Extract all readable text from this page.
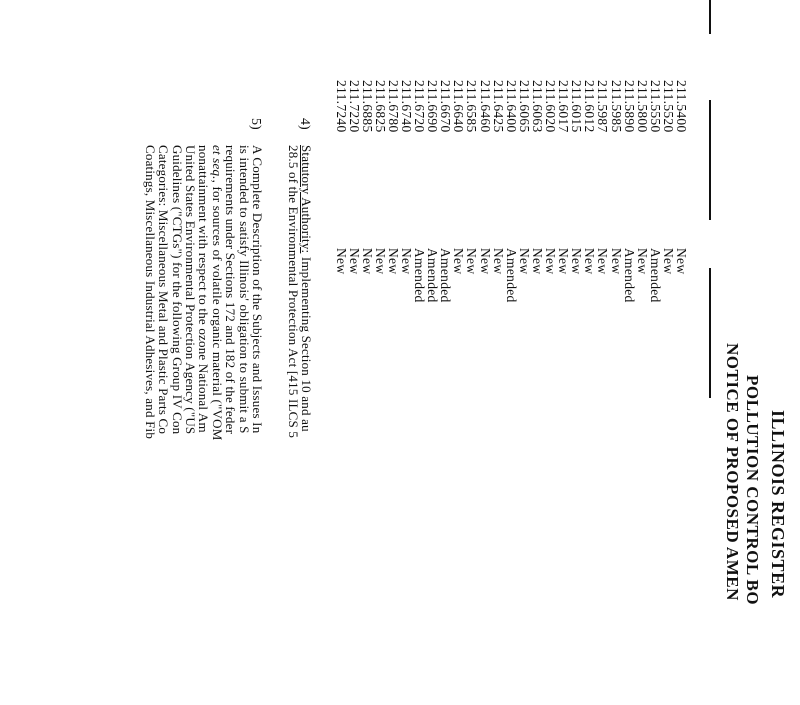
ILLINOIS REGISTER
POLLUTION CONTROL BO
NOTICE OF PROPOSED AMEN
211.5400
211.5520
211.5550
211.5800
211.5890
211.5985
211.5987
211.6012
211.6015
211.6017
211.6020
211.6063
211.6065
211.6400
211.6425
211.6460
211.6585
211.6640
211.6670
211.6690
211.6720
211.6740
211.6780
211.6825
211.6885
211.7220
211.7240
New
New
Amended
New
Amended
New
New
New
New
New
New
New
New
Amended
New
New
New
New
Amended
Amended
Amended
New
New
New
New
New
New
4)
Statutory Authority: Implementing Section 10 and au
28.5 of the Environmental Protection Act [415 ILCS 5
5)
A Complete Description of the Subjects and Issues In
is intended to satisfy Illinois' obligation to submit a S
requirements under Sections 172 and 182 of the feder
et seq., for sources of volatile organic material ("VOM
nonattainment with respect to the ozone National Am
United States Environmental Protection Agency ("US
Guidelines ("CTGs") for the following Group IV Con
Categories: Miscellaneous Metal and Plastic Parts Co
Coatings, Miscellaneous Industrial Adhesives, and Fib
